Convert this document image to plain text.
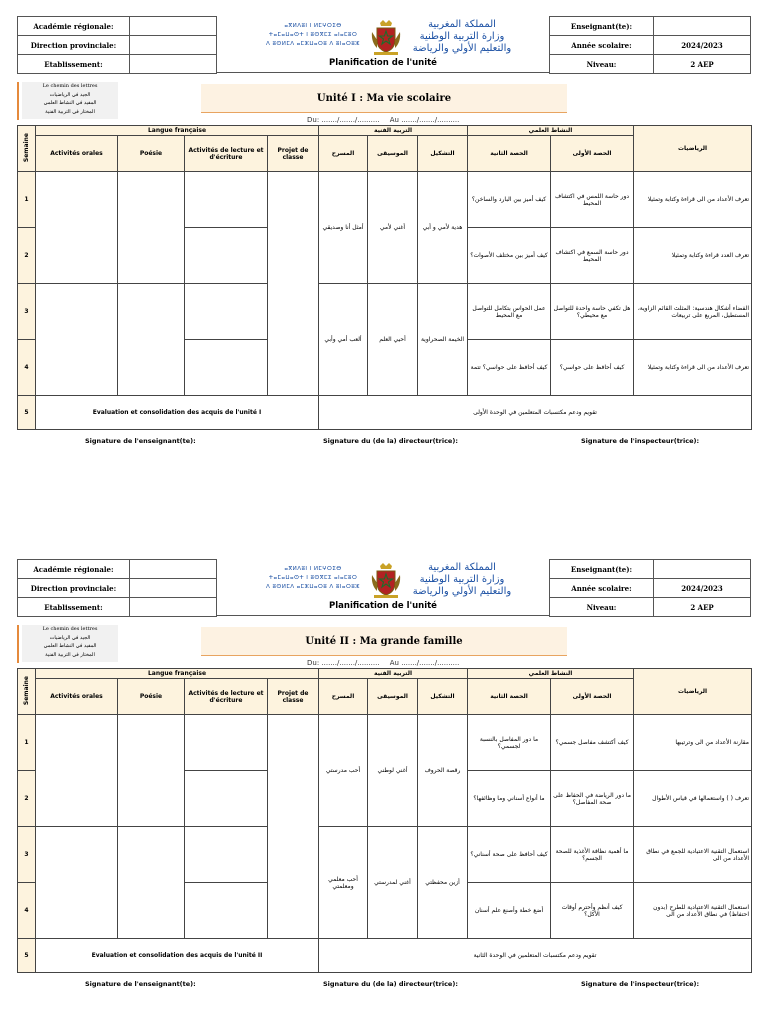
Académie régionale:	
Direction provinciale:	
Etablissement:	
ⴰⴳⵍⴷⵓⵏ ⵏ ⵍⵎⵖⵔⵉⴱ
ⵜⴰⵎⴰⵡⴰⵙⵜ ⵏ ⵓⵙⴳⵎⵉ ⴰⵏⴰⵎⵓⵔ
ⴷ ⵓⵙⵍⵎⴷ ⴰⵎⵣⵡⴰⵔⵓ ⴷ ⵓⵏⴰⵔⵓⵣ
المملكة المغربية
وزارة التربية الوطنية
والتعليم الأولي والرياضة
Planification de l'unité
Enseignant(te):	
Année scolaire:	2024/2023
Niveau:	2 AEP
Le chemin des lettres
الجيد في الرياضيات
المفيد في النشاط العلمي
المختار في التربية الفنية
Unité I : Ma vie scolaire
Du: ......./......./.......... Au ......./......./..........
Semaine	Langue française				التربية الفنية			النشاط العلمي		الرياضيات
	Activités orales	Poésie	Activités de lecture et d'écriture	Projet de classe	المسرح	الموسيقى	التشكيل	الحصة الثانية	الحصة الأولى	
1					أمثل أنا وصديقي	أغني لأمي	هدية لأمي و أبي	كيف أميز بين البارد والساخن؟	دور حاسة اللمس في اكتشاف المحيط	تعرف الأعداد من الى قراءة وكتابة وتمثيلا
2								كيف أميز بين مختلف الأصوات؟	دور حاسة السمع في اكتشاف المحيط	تعرف العدد قراءة وكتابة وتمثيلا
3					ألعب أمي وأبي	أحيي العلم	الخيمة الصحراوية	عمل الحواس بتكامل للتواصل مع المحيط	هل تكفي حاسة واحدة للتواصل مع محيطي؟	الفضاء أشكال هندسية: المثلث القائم الزاوية، المستطيل، المربع على تربيعات
4								كيف أحافظ على حواسي؟ تتمة	كيف أحافظ على حواسي؟	تعرف الأعداد من الى قراءة وكتابة وتمثيلا
5	Evaluation et consolidation des acquis de l'unité I				تقويم ودعم مكتسبات المتعلمين في الوحدة الأولى					
Signature de l'enseignant(te):	Signature du (de la) directeur(trice):	Signature de l'inspecteur(trice):
Académie régionale:	
Direction provinciale:	
Etablissement:	
ⴰⴳⵍⴷⵓⵏ ⵏ ⵍⵎⵖⵔⵉⴱ
ⵜⴰⵎⴰⵡⴰⵙⵜ ⵏ ⵓⵙⴳⵎⵉ ⴰⵏⴰⵎⵓⵔ
ⴷ ⵓⵙⵍⵎⴷ ⴰⵎⵣⵡⴰⵔⵓ ⴷ ⵓⵏⴰⵔⵓⵣ
المملكة المغربية
وزارة التربية الوطنية
والتعليم الأولي والرياضة
Planification de l'unité
Enseignant(te):	
Année scolaire:	2024/2023
Niveau:	2 AEP
Le chemin des lettres
الجيد في الرياضيات
المفيد في النشاط العلمي
المختار في التربية الفنية
Unité II : Ma grande famille
Du: ......./......./.......... Au ......./......./..........
Semaine	Langue française				التربية الفنية			النشاط العلمي		الرياضيات
	Activités orales	Poésie	Activités de lecture et d'écriture	Projet de classe	المسرح	الموسيقى	التشكيل	الحصة الثانية	الحصة الأولى	
1					أحب مدرستي	أغني لوطني	رقصة الحروف	ما دور المفاصل بالنسبة لجسمي؟	كيف أكتشف مفاصل جسمي؟	مقارنة الأعداد من الى وترتيبها
2								ما أنواع أسناني وما وظائفها؟	ما دور الرياضة في الحفاظ على صحة المفاصل؟	تعرف ( ) واستعمالها في قياس الأطوال
3					أحب معلمي ومعلمتي	أغني لمدرستي	أزين محفظتي	كيف أحافظ على صحة أسناني؟	ما أهمية نظافة الأغذية للصحة الجسم؟	استعمال التقنية الاعتيادية للجمع في نطاق الأعداد من الى
4								أضع خطة وأصنع علم أسنان	كيف أنظم وأحترم أوقات الأكل؟	استعمال التقنية الاعتيادية للطرح (بدون احتفاظ) في نطاق الأعداد من الى
5	Evaluation et consolidation des acquis de l'unité II				تقويم ودعم مكتسبات المتعلمين في الوحدة الثانية					
Signature de l'enseignant(te):	Signature du (de la) directeur(trice):	Signature de l'inspecteur(trice):
